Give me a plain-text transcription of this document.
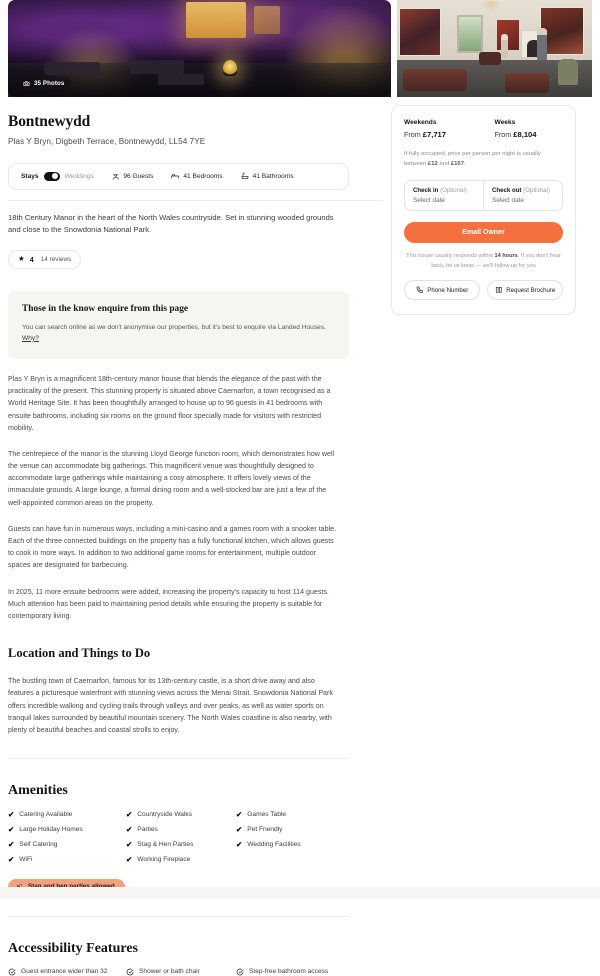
35 Photos
Bontnewydd
Plas Y Bryn, Digbeth Terrace, Bontnewydd, LL54 7YE
Stays	Weddings	96 Guests	41 Bedrooms	41 Bathrooms

18th Century Manor in the heart of the North Wales countryside. Set in stunning wooded grounds and close to the Snowdonia National Park.

★ 4 14 reviews
Those in the know enquire from this page

You can search online as we don't anonymise our properties, but it's best to enquire via Landed Houses. Why?

Plas Y Bryn is a magnificent 18th-century manor house that blends the elegance of the past with the practicality of the present. This stunning property is situated above Caernarfon, a town recognised as a World Heritage Site. It has been thoughtfully arranged to house up to 96 guests in 41 bedrooms with ensuite bathrooms, including six rooms on the ground floor specially made for visitors with restricted mobility.

The centrepiece of the manor is the stunning Lloyd George function room, which demonstrates how well the venue can accommodate big gatherings. This magnificent venue was thoughtfully designed to accommodate large gatherings while maintaining a cosy atmosphere. It offers lovely views of the immaculate grounds. A large lounge, a formal dining room and a well-stocked bar are just a few of the well-appointed common areas on the property.

Guests can have fun in numerous ways, including a mini-casino and a games room with a snooker table. Each of the three connected buildings on the property has a fully functional kitchen, which allows guests to cook in more ways. In addition to two additional game rooms for entertainment, multiple outdoor spaces are designated for barbecuing.

In 2025, 11 more ensuite bedrooms were added, increasing the property's capacity to host 114 guests. Much attention has been paid to maintaining period details while ensuring the property is suitable for contemporary living.

Location and Things to Do

The bustling town of Caernarfon, famous for its 13th-century castle, is a short drive away and also features a picturesque waterfront with stunning views across the Menai Strait. Snowdonia National Park offers incredible walking and cycling trails through valleys and over peaks, as well as water sports on tranquil lakes surrounded by beautiful mountain scenery. The North Wales coastline is also nearby, with plenty of beautiful beaches and coastal strolls to enjoy.

Amenities
✔ Catering Available	✔ Countryside Walks	✔ Games Table
✔ Large Holiday Homes	✔ Parties	✔ Pet Friendly
✔ Self Catering	✔ Stag & Hen Parties	✔ Wedding Facilities
✔ WiFi	✔ Working Fireplace
Accessibility Features
Guest entrance wider than 32	Shower or bath chair	Step-free bathroom access
Weekends
From £7,717
Weeks
From £8,104
If fully occupied, price per person per night is usually between £12 and £167.
Check in (Optional)
Select date
Check out (Optional)
Select date
Email Owner
This house usually responds within 14 hours. If you don't hear back, let us know — we'll follow up for you
Phone Number	Request Brochure
